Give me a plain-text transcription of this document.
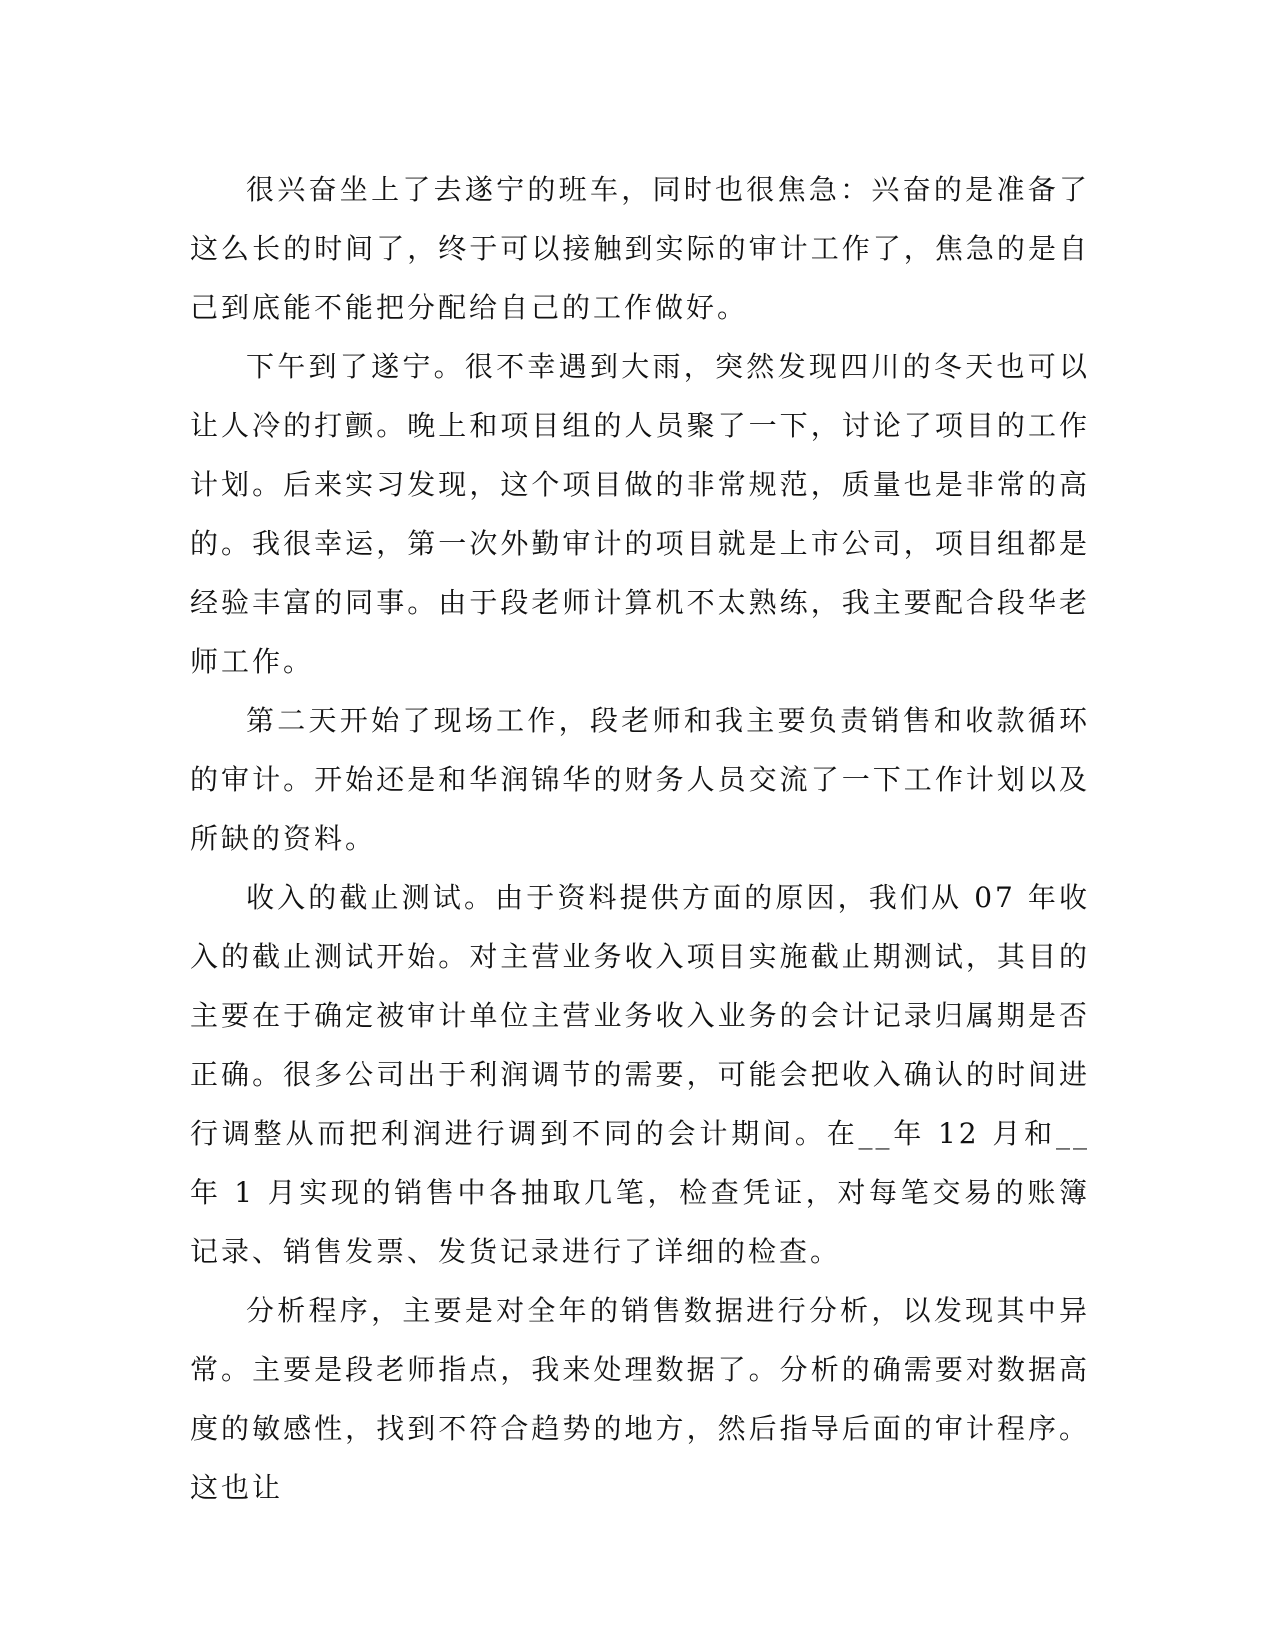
很兴奋坐上了去遂宁的班车，同时也很焦急：兴奋的是准备了这么长的时间了，终于可以接触到实际的审计工作了，焦急的是自己到底能不能把分配给自己的工作做好。

下午到了遂宁。很不幸遇到大雨，突然发现四川的冬天也可以让人冷的打颤。晚上和项目组的人员聚了一下，讨论了项目的工作计划。后来实习发现，这个项目做的非常规范，质量也是非常的高的。我很幸运，第一次外勤审计的项目就是上市公司，项目组都是经验丰富的同事。由于段老师计算机不太熟练，我主要配合段华老师工作。

第二天开始了现场工作，段老师和我主要负责销售和收款循环的审计。开始还是和华润锦华的财务人员交流了一下工作计划以及所缺的资料。

收入的截止测试。由于资料提供方面的原因，我们从 07 年收入的截止测试开始。对主营业务收入项目实施截止期测试，其目的主要在于确定被审计单位主营业务收入业务的会计记录归属期是否正确。很多公司出于利润调节的需要，可能会把收入确认的时间进行调整从而把利润进行调到不同的会计期间。在__年 12 月和__年 1 月实现的销售中各抽取几笔，检查凭证，对每笔交易的账簿记录、销售发票、发货记录进行了详细的检查。

分析程序，主要是对全年的销售数据进行分析，以发现其中异常。主要是段老师指点，我来处理数据了。分析的确需要对数据高度的敏感性，找到不符合趋势的地方，然后指导后面的审计程序。这也让
